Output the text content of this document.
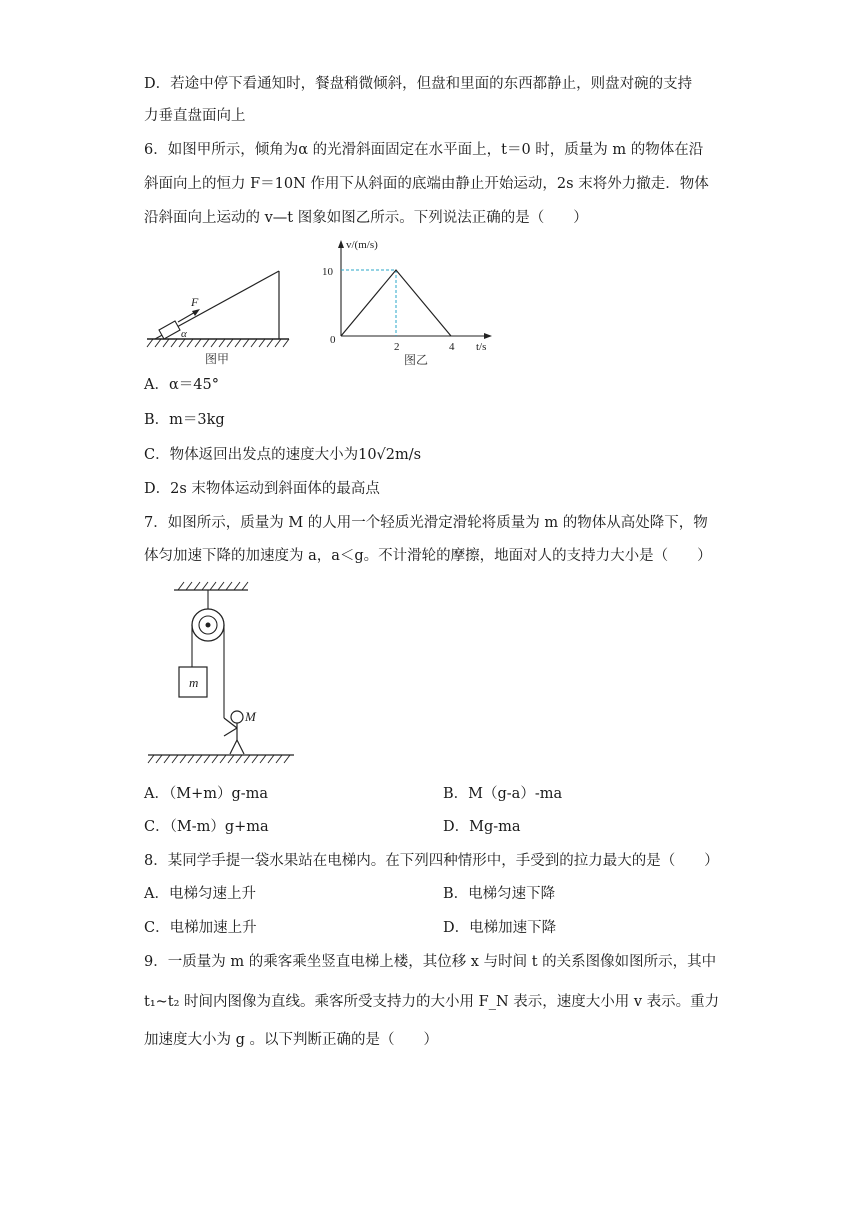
D．若途中停下看通知时，餐盘稍微倾斜，但盘和里面的东西都静止，则盘对碗的支持
力垂直盘面向上
6．如图甲所示，倾角为α 的光滑斜面固定在水平面上，t＝0 时，质量为 m 的物体在沿
斜面向上的恒力 F＝10N 作用下从斜面的底端由静止开始运动，2s 末将外力撤走．物体
沿斜面向上运动的 v—t 图象如图乙所示。下列说法正确的是（　　）
F
α
图甲
v/(m/s)
t/s
0
10
2	4
图乙
A．α＝45°
B．m＝3kg
C．物体返回出发点的速度大小为10√2m/s
D．2s 末物体运动到斜面体的最高点
7．如图所示，质量为 M 的人用一个轻质光滑定滑轮将质量为 m 的物体从高处降下，物
体匀加速下降的加速度为 a，a＜g。不计滑轮的摩擦，地面对人的支持力大小是（　　）
m
M
A．（M+m）g-ma	B．M（g-a）-ma
C．（M-m）g+ma	D．Mg-ma
8．某同学手提一袋水果站在电梯内。在下列四种情形中，手受到的拉力最大的是（　　）
A．电梯匀速上升	B．电梯匀速下降
C．电梯加速上升	D．电梯加速下降
9．一质量为 m 的乘客乘坐竖直电梯上楼，其位移 x 与时间 t 的关系图像如图所示，其中
t₁~t₂ 时间内图像为直线。乘客所受支持力的大小用 F_N 表示，速度大小用 v 表示。重力
加速度大小为 g 。以下判断正确的是（　　）
